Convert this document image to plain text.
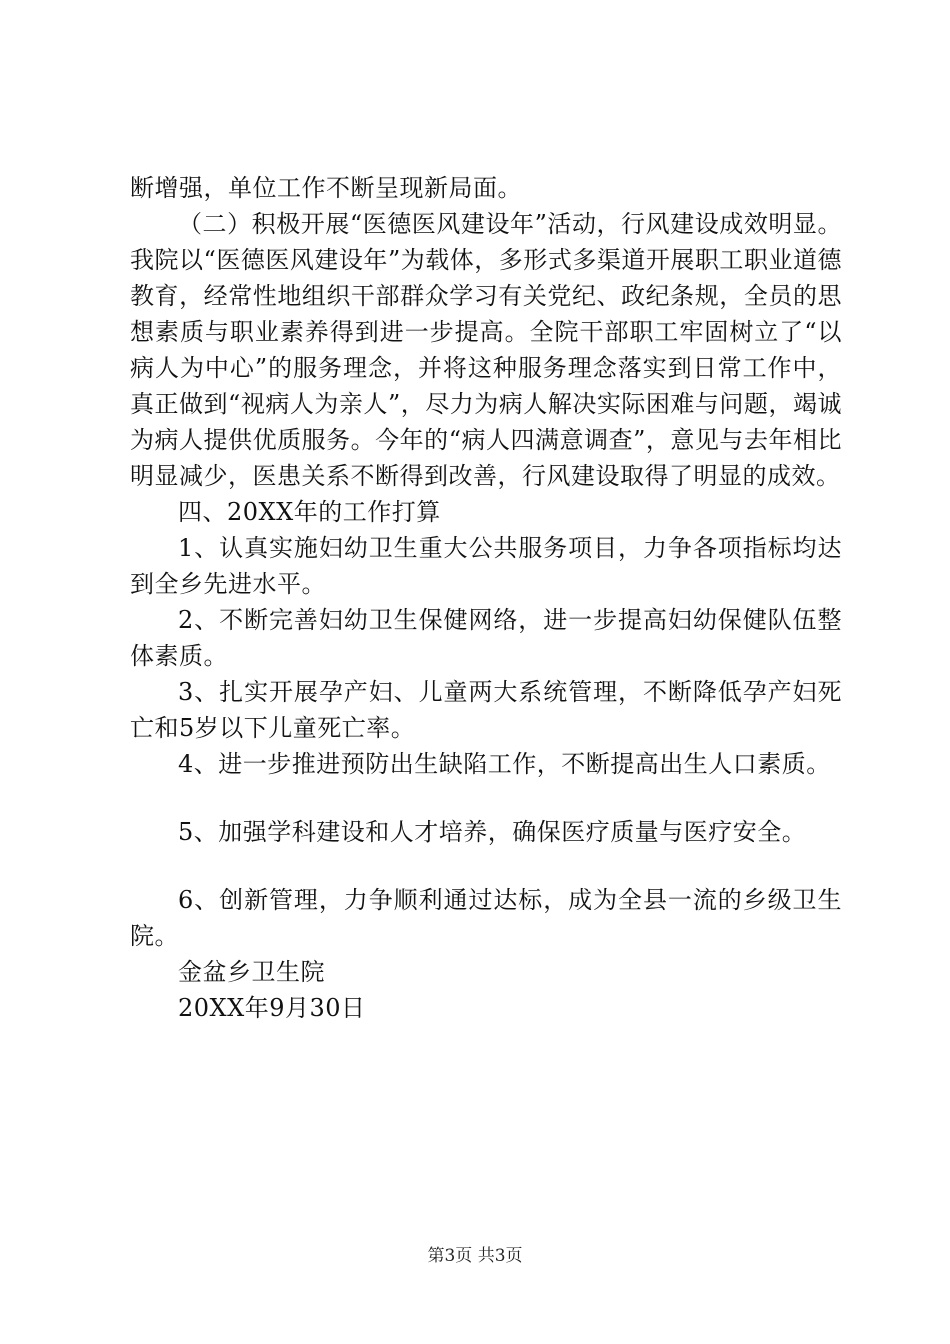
断增强，单位工作不断呈现新局面。

（二）积极开展“医德医风建设年”活动，行风建设成效明显。我院以“医德医风建设年”为载体，多形式多渠道开展职工职业道德教育，经常性地组织干部群众学习有关党纪、政纪条规，全员的思想素质与职业素养得到进一步提高。全院干部职工牢固树立了“以病人为中心”的服务理念，并将这种服务理念落实到日常工作中，真正做到“视病人为亲人”，尽力为病人解决实际困难与问题，竭诚为病人提供优质服务。今年的“病人四满意调查”，意见与去年相比明显减少，医患关系不断得到改善，行风建设取得了明显的成效。

四、20XX年的工作打算

1、认真实施妇幼卫生重大公共服务项目，力争各项指标均达到全乡先进水平。

2、不断完善妇幼卫生保健网络，进一步提高妇幼保健队伍整体素质。

3、扎实开展孕产妇、儿童两大系统管理，不断降低孕产妇死亡和5岁以下儿童死亡率。

4、进一步推进预防出生缺陷工作，不断提高出生人口素质。

5、加强学科建设和人才培养，确保医疗质量与医疗安全。

6、创新管理，力争顺利通过达标，成为全县一流的乡级卫生院。

金盆乡卫生院

20XX年9月30日

第3页 共3页
